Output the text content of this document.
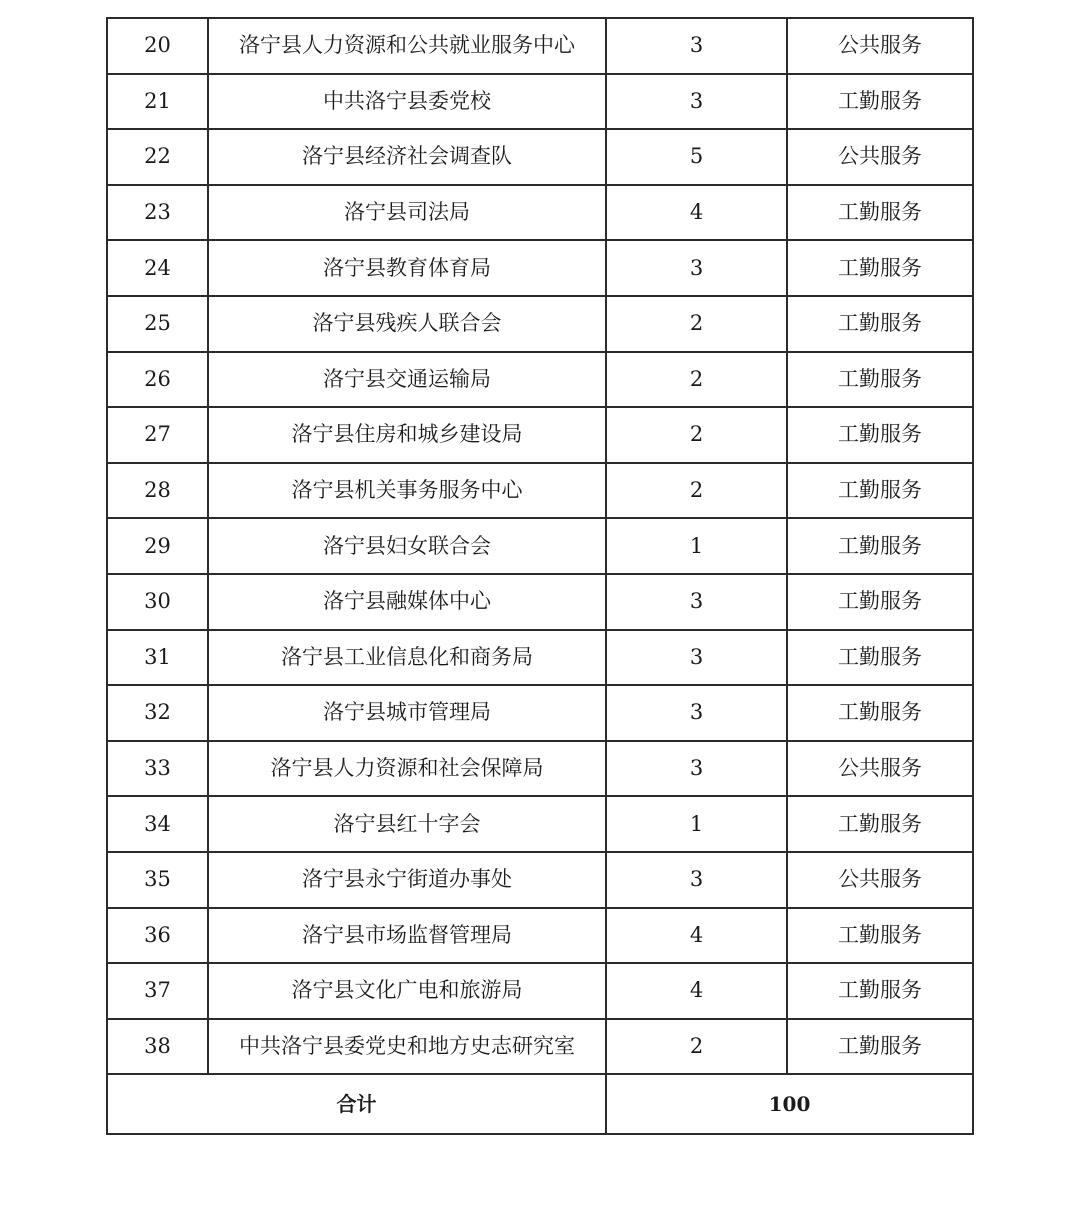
20	洛宁县人力资源和公共就业服务中心	3	公共服务
21	中共洛宁县委党校	3	工勤服务
22	洛宁县经济社会调查队	5	公共服务
23	洛宁县司法局	4	工勤服务
24	洛宁县教育体育局	3	工勤服务
25	洛宁县残疾人联合会	2	工勤服务
26	洛宁县交通运输局	2	工勤服务
27	洛宁县住房和城乡建设局	2	工勤服务
28	洛宁县机关事务服务中心	2	工勤服务
29	洛宁县妇女联合会	1	工勤服务
30	洛宁县融媒体中心	3	工勤服务
31	洛宁县工业信息化和商务局	3	工勤服务
32	洛宁县城市管理局	3	工勤服务
33	洛宁县人力资源和社会保障局	3	公共服务
34	洛宁县红十字会	1	工勤服务
35	洛宁县永宁街道办事处	3	公共服务
36	洛宁县市场监督管理局	4	工勤服务
37	洛宁县文化广电和旅游局	4	工勤服务
38	中共洛宁县委党史和地方史志研究室	2	工勤服务
合计		100	
